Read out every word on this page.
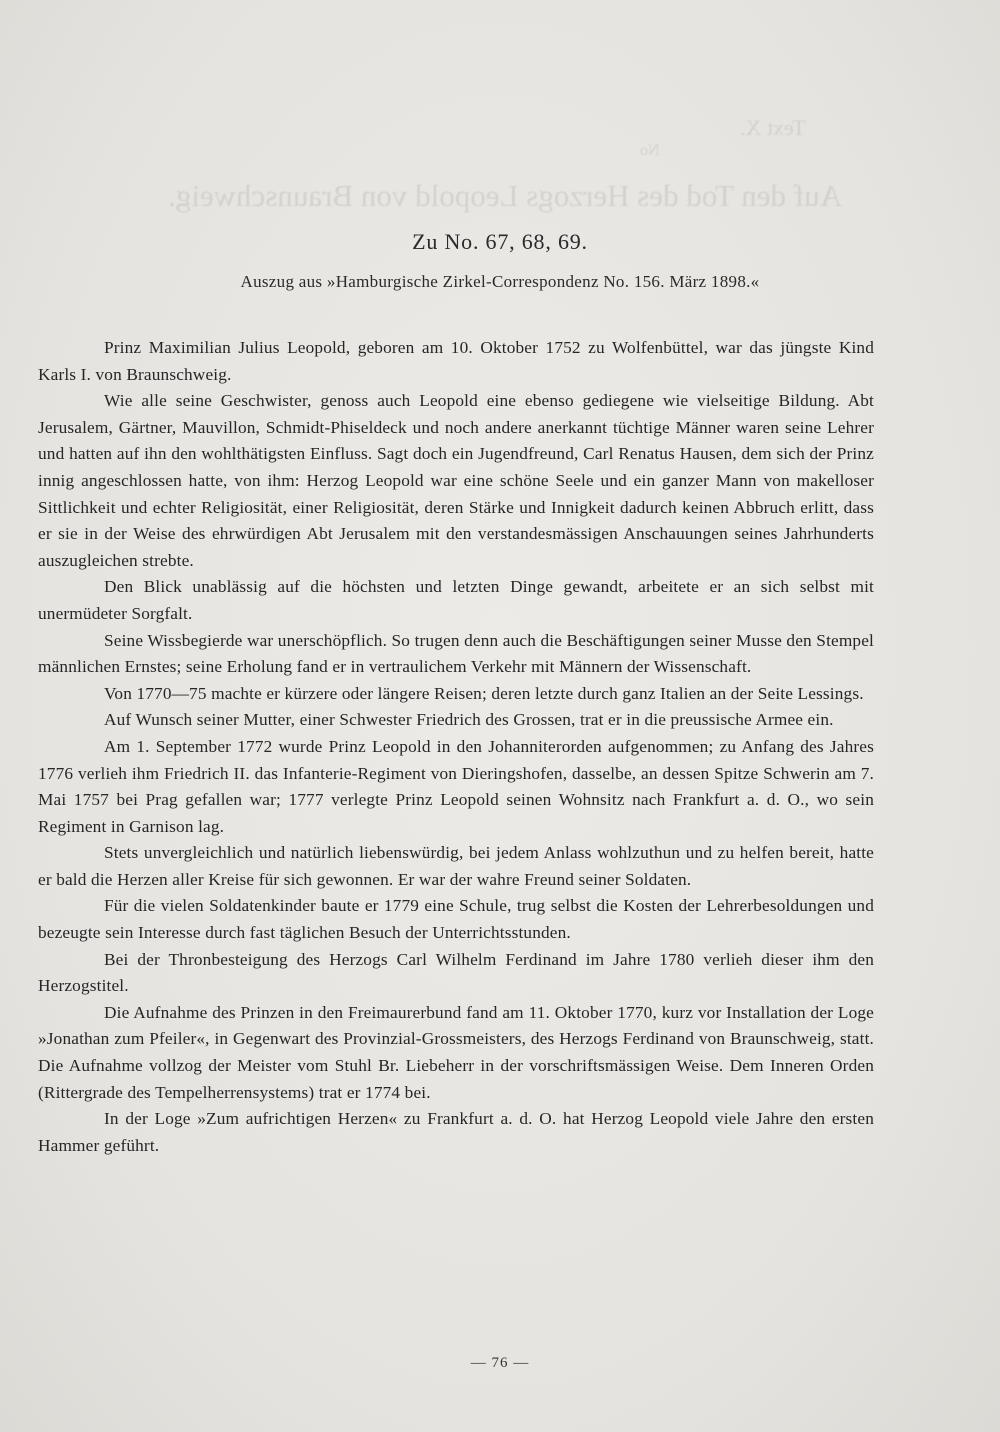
Text X.
No
Auf den Tod des Herzogs Leopold von Braunschweig.
Zu No. 67, 68, 69.
Auszug aus »Hamburgische Zirkel-Correspondenz No. 156. März 1898.«

Prinz Maximilian Julius Leopold, geboren am 10. Oktober 1752 zu Wolfenbüttel, war das jüngste Kind Karls I. von Braunschweig.

Wie alle seine Geschwister, genoss auch Leopold eine ebenso gediegene wie vielseitige Bildung. Abt Jerusalem, Gärtner, Mauvillon, Schmidt-Phiseldeck und noch andere anerkannt tüchtige Männer waren seine Lehrer und hatten auf ihn den wohlthätigsten Einfluss. Sagt doch ein Jugendfreund, Carl Renatus Hausen, dem sich der Prinz innig angeschlossen hatte, von ihm: Herzog Leopold war eine schöne Seele und ein ganzer Mann von makelloser Sittlichkeit und echter Religiosität, einer Religiosität, deren Stärke und Innigkeit dadurch keinen Abbruch erlitt, dass er sie in der Weise des ehrwürdigen Abt Jerusalem mit den verstandesmässigen Anschauungen seines Jahrhunderts auszugleichen strebte.

Den Blick unablässig auf die höchsten und letzten Dinge gewandt, arbeitete er an sich selbst mit unermüdeter Sorgfalt.

Seine Wissbegierde war unerschöpflich. So trugen denn auch die Beschäftigungen seiner Musse den Stempel männlichen Ernstes; seine Erholung fand er in vertraulichem Verkehr mit Männern der Wissenschaft.

Von 1770—75 machte er kürzere oder längere Reisen; deren letzte durch ganz Italien an der Seite Lessings.

Auf Wunsch seiner Mutter, einer Schwester Friedrich des Grossen, trat er in die preussische Armee ein.

Am 1. September 1772 wurde Prinz Leopold in den Johanniterorden aufgenommen; zu Anfang des Jahres 1776 verlieh ihm Friedrich II. das Infanterie-Regiment von Dieringshofen, dasselbe, an dessen Spitze Schwerin am 7. Mai 1757 bei Prag gefallen war; 1777 verlegte Prinz Leopold seinen Wohnsitz nach Frankfurt a. d. O., wo sein Regiment in Garnison lag.

Stets unvergleichlich und natürlich liebenswürdig, bei jedem Anlass wohlzuthun und zu helfen bereit, hatte er bald die Herzen aller Kreise für sich gewonnen. Er war der wahre Freund seiner Soldaten.

Für die vielen Soldatenkinder baute er 1779 eine Schule, trug selbst die Kosten der Lehrerbesoldungen und bezeugte sein Interesse durch fast täglichen Besuch der Unterrichtsstunden.

Bei der Thronbesteigung des Herzogs Carl Wilhelm Ferdinand im Jahre 1780 verlieh dieser ihm den Herzogstitel.

Die Aufnahme des Prinzen in den Freimaurerbund fand am 11. Oktober 1770, kurz vor Installation der Loge »Jonathan zum Pfeiler«, in Gegenwart des Provinzial-Grossmeisters, des Herzogs Ferdinand von Braunschweig, statt. Die Aufnahme vollzog der Meister vom Stuhl Br. Liebeherr in der vorschriftsmässigen Weise. Dem Inneren Orden (Rittergrade des Tempelherrensystems) trat er 1774 bei.

In der Loge »Zum aufrichtigen Herzen« zu Frankfurt a. d. O. hat Herzog Leopold viele Jahre den ersten Hammer geführt.

— 76 —
